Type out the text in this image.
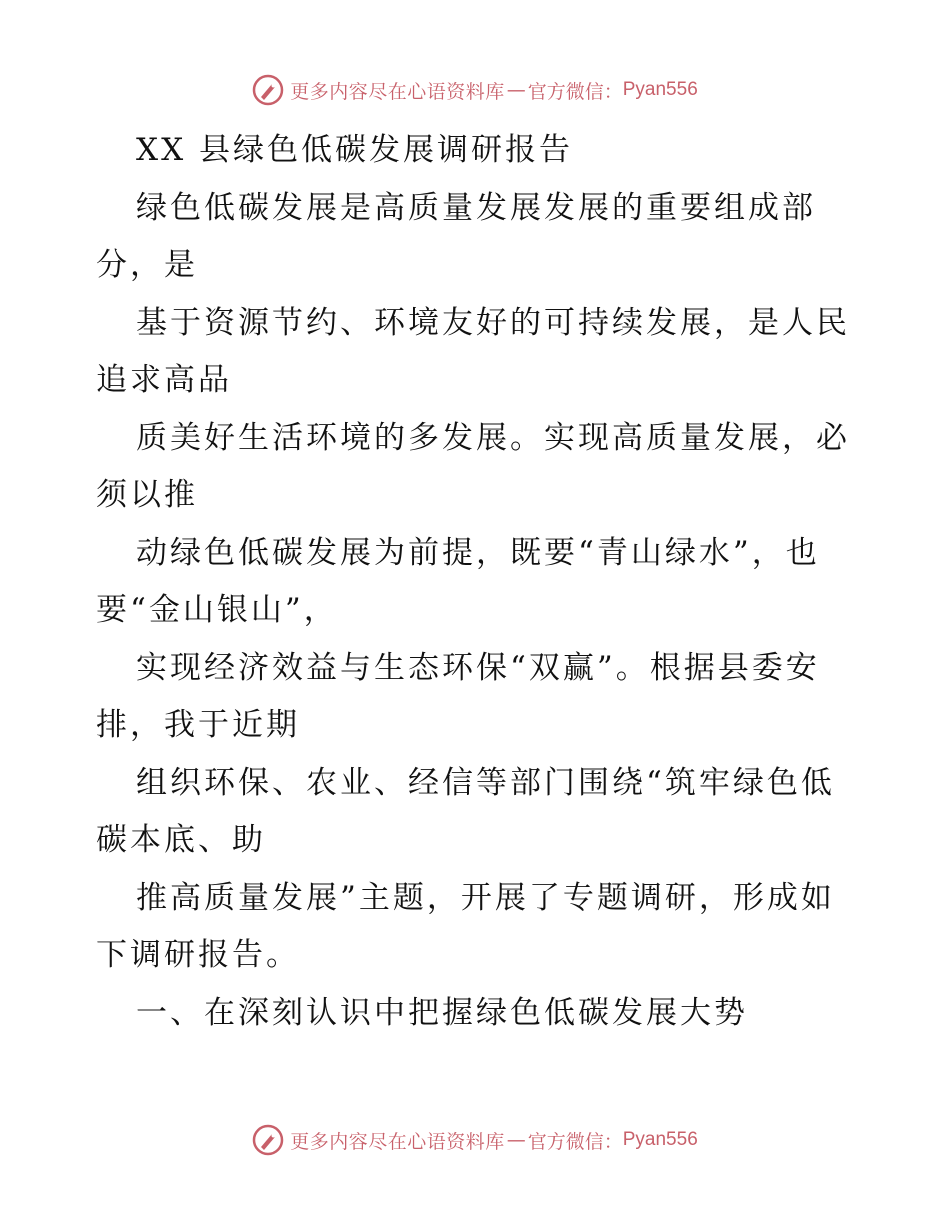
更多内容尽在心语资料库 — 官方微信： Pyan556
XX 县绿色低碳发展调研报告
绿色低碳发展是高质量发展发展的重要组成部
分，是
基于资源节约、环境友好的可持续发展，是人民
追求高品
质美好生活环境的多发展。实现高质量发展，必
须以推
动绿色低碳发展为前提，既要“青山绿水”，也
要“金山银山”，
实现经济效益与生态环保“双赢”。根据县委安
排，我于近期
组织环保、农业、经信等部门围绕“筑牢绿色低
碳本底、助
推高质量发展”主题，开展了专题调研，形成如
下调研报告。
一、在深刻认识中把握绿色低碳发展大势
更多内容尽在心语资料库 — 官方微信： Pyan556
